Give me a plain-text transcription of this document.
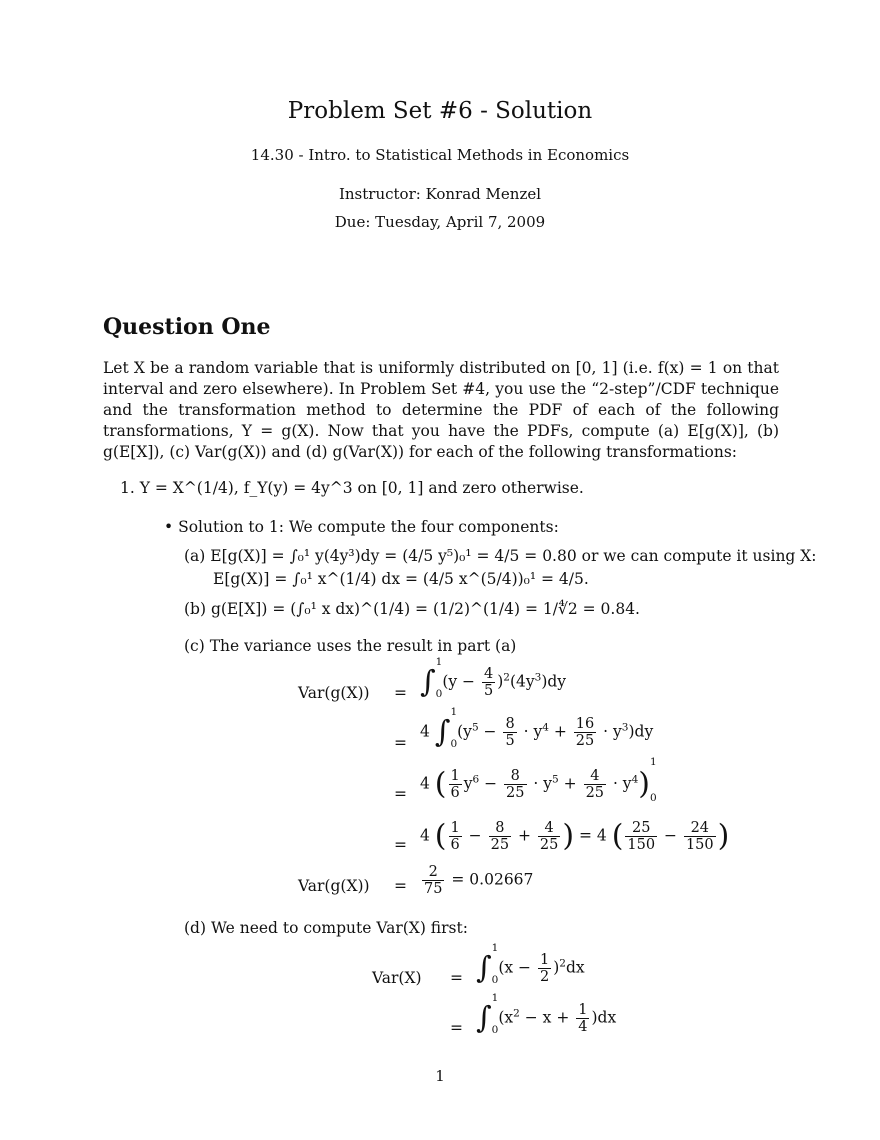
Problem Set #6 - Solution
14.30 - Intro. to Statistical Methods in Economics
Instructor: Konrad Menzel
Due: Tuesday, April 7, 2009
Question One
Let X be a random variable that is uniformly distributed on [0, 1] (i.e. f(x) = 1 on that interval and zero elsewhere). In Problem Set #4, you use the “2-step”/CDF technique and the transformation method to determine the PDF of each of the following transformations, Y = g(X). Now that you have the PDFs, compute (a) E[g(X)], (b) g(E[X]), (c) Var(g(X)) and (d) g(Var(X)) for each of the following transformations:
1. Y = X^(1/4), f_Y(y) = 4y^3 on [0, 1] and zero otherwise.
• Solution to 1: We compute the four components:
(a) E[g(X)] = ∫₀¹ y(4y³)dy = (4/5 y⁵)₀¹ = 4/5 = 0.80 or we can compute it using X:
E[g(X)] = ∫₀¹ x^(1/4) dx = (4/5 x^(5/4))₀¹ = 4/5.
(b) g(E[X]) = (∫₀¹ x dx)^(1/4) = (1/2)^(1/4) = 1/∜2 = 0.84.
(c) The variance uses the result in part (a)
Var(g(X)) = ∫1
$0(y - \frac{4}{5} )^2(4y^3)dy$
=
4 ∫1
$0(y^5 - \frac{8}{5} \cdot y^4 + \frac{16}{25} \cdot y^3)dy$
=
4 ( $\frac{1}{6} y^6 - \frac{8}{25} \cdot y^5 + \frac{4}{25} \cdot y^4)1$
0
=
4 ( $\frac{1}{6} - \frac{8}{25} + \frac{4}{25}$ ) = 4 ( $\frac{25}{150} - \frac{24}{150}$ )
$Var(g(X)) = \frac{2}{75} = 0.02667$
(d) We need to compute Var(X) first:
Var(X) = ∫1
$0(x - \frac{1}{2} )^2dx$
= ∫1
$0(x^2 - x + \frac{1}{4} )dx$
1
